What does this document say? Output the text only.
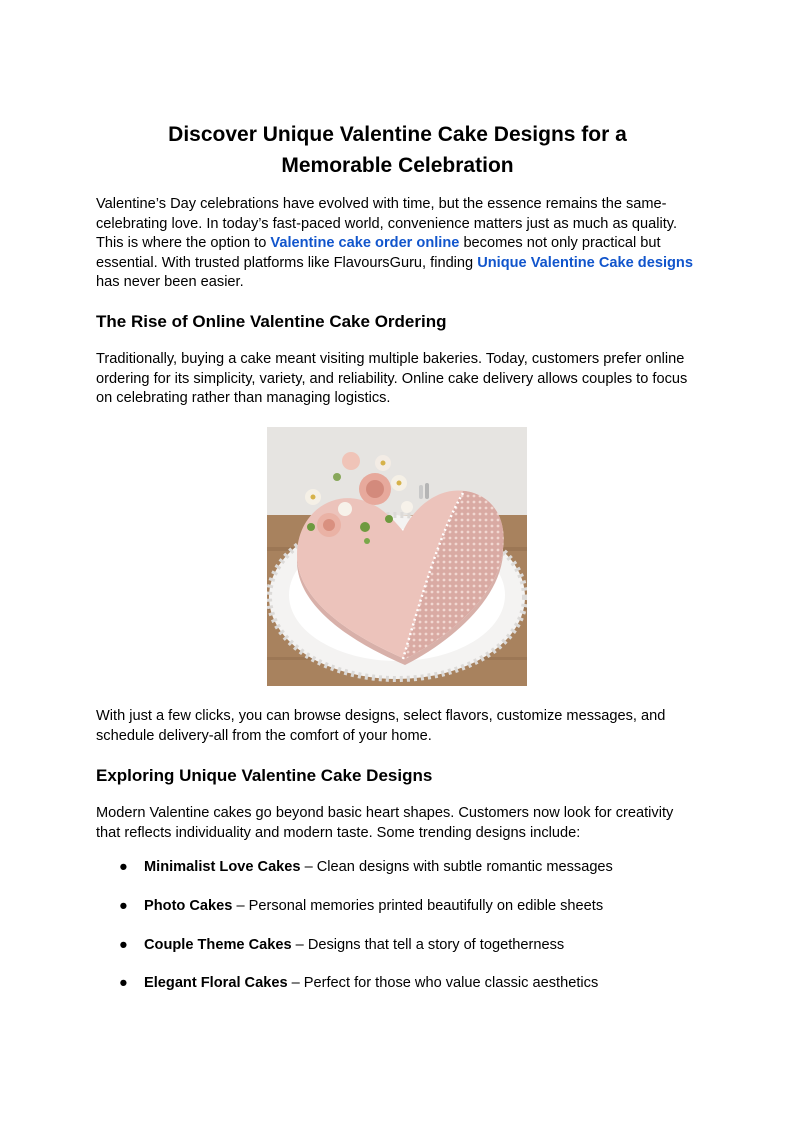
Discover Unique Valentine Cake Designs for a
Memorable Celebration

Valentine’s Day celebrations have evolved with time, but the essence remains the same-celebrating love. In today’s fast-paced world, convenience matters just as much as quality. This is where the option to Valentine cake order online becomes not only practical but essential. With trusted platforms like FlavoursGuru, finding Unique Valentine Cake designs has never been easier.

The Rise of Online Valentine Cake Ordering

Traditionally, buying a cake meant visiting multiple bakeries. Today, customers prefer online ordering for its simplicity, variety, and reliability. Online cake delivery allows couples to focus on celebrating rather than managing logistics.

With just a few clicks, you can browse designs, select flavors, customize messages, and schedule delivery-all from the comfort of your home.

Exploring Unique Valentine Cake Designs

Modern Valentine cakes go beyond basic heart shapes. Customers now look for creativity that reflects individuality and modern taste. Some trending designs include:

● Minimalist Love Cakes – Clean designs with subtle romantic messages
● Photo Cakes – Personal memories printed beautifully on edible sheets
● Couple Theme Cakes – Designs that tell a story of togetherness
● Elegant Floral Cakes – Perfect for those who value classic aesthetics
